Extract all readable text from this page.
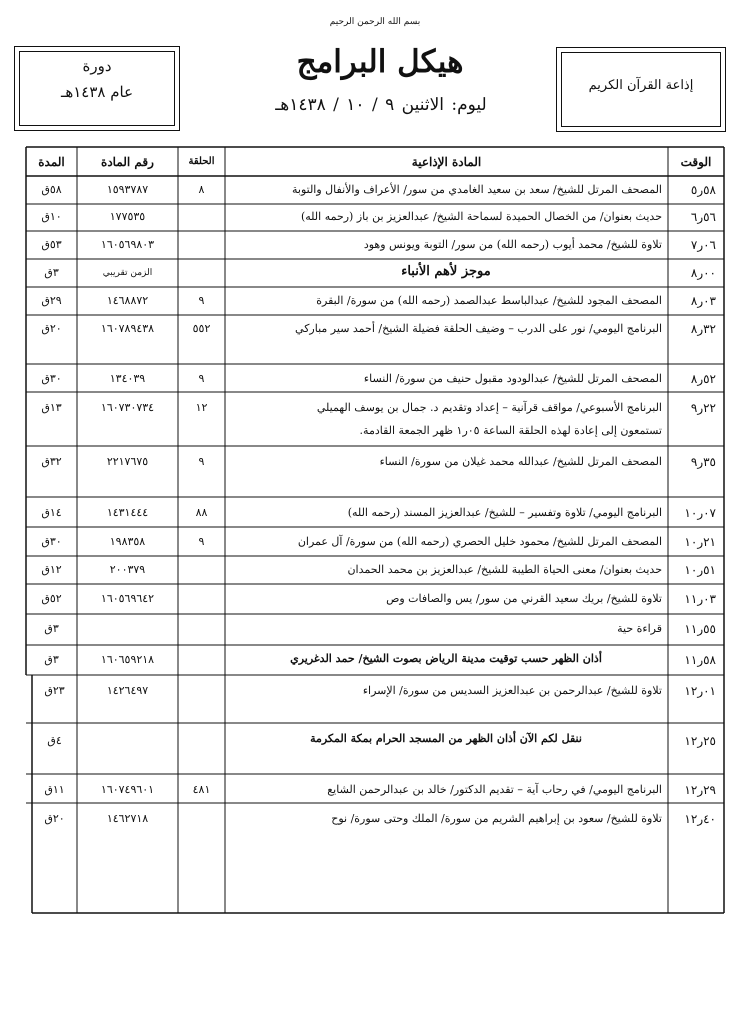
بسم الله الرحمن الرحيم
إذاعة القرآن الكريم
دورة
عام ١٤٣٨هـ
هيكل البرامج
ليوم: الاثنين ٩ / ١٠ / ١٤٣٨هـ
الوقت
المادة الإذاعية
الحلقة
رقم المادة
المدة
٥٨ر٥
المصحف المرتل للشيخ/ سعد بن سعيد الغامدي من سور/ الأعراف والأنفال والتوبة
٨
١٥٩٣٧٨٧
٥٨ق
٥٦ر٦
حديث بعنوان/ من الخصال الحميدة لسماحة الشيخ/ عبدالعزيز بن باز (رحمه الله)
١٧٧٥٣٥
١٠ق
٠٦ر٧
تلاوة للشيخ/ محمد أيوب (رحمه الله) من سور/ التوبة ويونس وهود
١٦٠٥٦٩٨٠٣
٥٣ق
٠٠ر٨
موجز لأهم الأنباء
الزمن تقريبي
٣ق
٠٣ر٨
المصحف المجود للشيخ/ عبدالباسط عبدالصمد (رحمه الله) من سورة/ البقرة
٩
١٤٦٨٨٧٢
٢٩ق
٣٢ر٨
البرنامج اليومي/ نور على الدرب – وضيف الحلقة فضيلة الشيخ/ أحمد سير مباركي
٥٥٢
١٦٠٧٨٩٤٣٨
٢٠ق
٥٢ر٨
المصحف المرتل للشيخ/ عبدالودود مقبول حنيف من سورة/ النساء
٩
١٣٤٠٣٩
٣٠ق
٢٢ر٩
البرنامج الأسبوعي/ مواقف قرآنية – إعداد وتقديم د. جمال بن يوسف الهميلي
تستمعون إلى إعادة لهذه الحلقة الساعة ٠٥ر١ ظهر الجمعة القادمة.
١٢
١٦٠٧٣٠٧٣٤
١٣ق
٣٥ر٩
المصحف المرتل للشيخ/ عبدالله محمد غيلان من سورة/ النساء
٩
٢٢١٧٦٧٥
٣٢ق
٠٧ر١٠
البرنامج اليومي/ تلاوة وتفسير – للشيخ/ عبدالعزيز المسند (رحمه الله)
٨٨
١٤٣١٤٤٤
١٤ق
٢١ر١٠
المصحف المرتل للشيخ/ محمود خليل الحصري (رحمه الله) من سورة/ آل عمران
٩
١٩٨٣٥٨
٣٠ق
٥١ر١٠
حديث بعنوان/ معنى الحياة الطيبة للشيخ/ عبدالعزيز بن محمد الحمدان
٢٠٠٣٧٩
١٢ق
٠٣ر١١
تلاوة للشيخ/ بريك سعيد القرني من سور/ يس والصافات وص
١٦٠٥٦٩٦٤٢
٥٢ق
٥٥ر١١
قراءة حية
٣ق
٥٨ر١١
أذان الظهر حسب توقيت مدينة الرياض بصوت الشيخ/ حمد الدغريري
١٦٠٦٥٩٢١٨
٣ق
٠١ر١٢
تلاوة للشيخ/ عبدالرحمن بن عبدالعزيز السديس من سورة/ الإسراء
١٤٢٦٤٩٧
٢٣ق
٢٥ر١٢
ننقل لكم الآن أذان الظهر من المسجد الحرام بمكة المكرمة
٤ق
٢٩ر١٢
البرنامج اليومي/ في رحاب آية – تقديم الدكتور/ خالد بن عبدالرحمن الشايع
٤٨١
١٦٠٧٤٩٦٠١
١١ق
٤٠ر١٢
تلاوة للشيخ/ سعود بن إبراهيم الشريم من سورة/ الملك وحتى سورة/ نوح
١٤٦٢٧١٨
٢٠ق
